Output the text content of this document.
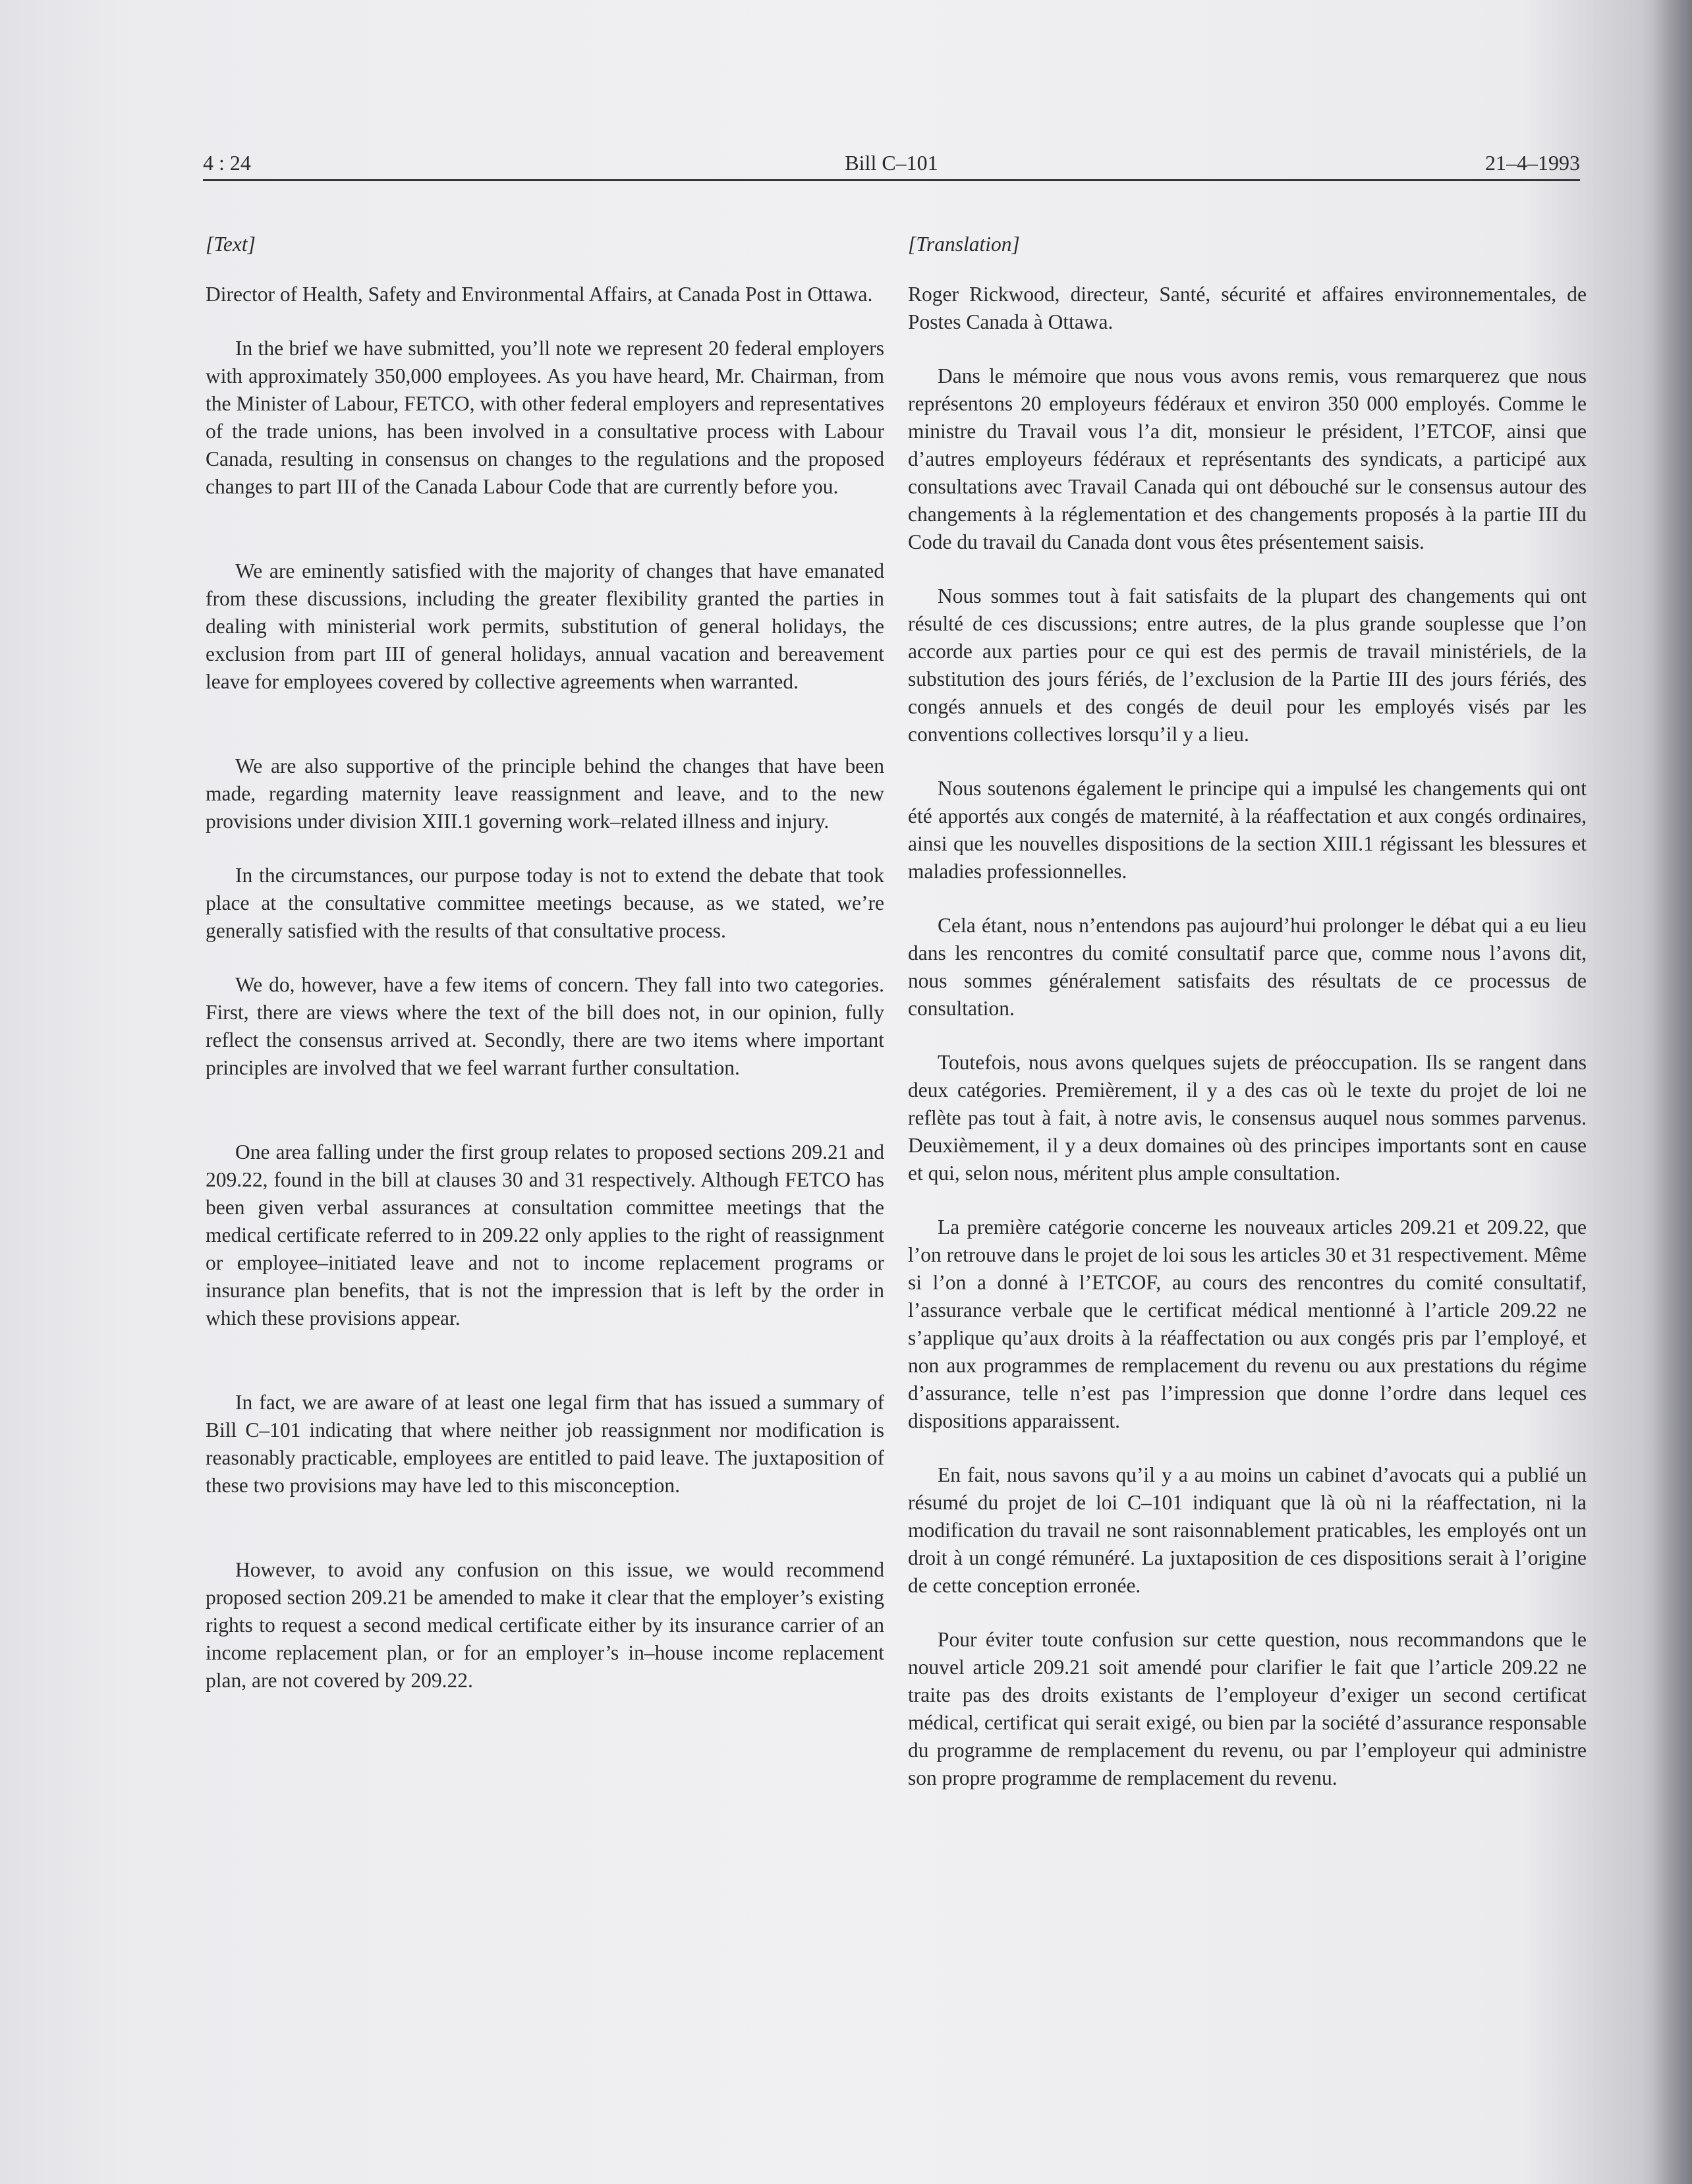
4 : 24	Bill C–101	21–4–1993
[Text]

Director of Health, Safety and Environmental Affairs, at Canada Post in Ottawa.

In the brief we have submitted, you’ll note we represent 20 federal employers with approximately 350,000 employees. As you have heard, Mr. Chairman, from the Minister of Labour, FETCO, with other federal employers and representatives of the trade unions, has been involved in a consultative process with Labour Canada, resulting in consensus on changes to the regulations and the proposed changes to part III of the Canada Labour Code that are currently before you.

We are eminently satisfied with the majority of changes that have emanated from these discussions, including the greater flexibility granted the parties in dealing with ministerial work permits, substitution of general holidays, the exclusion from part III of general holidays, annual vacation and bereavement leave for employees covered by collective agreements when warranted.

We are also supportive of the principle behind the changes that have been made, regarding maternity leave reassignment and leave, and to the new provisions under division XIII.1 governing work–related illness and injury.

In the circumstances, our purpose today is not to extend the debate that took place at the consultative committee meetings because, as we stated, we’re generally satisfied with the results of that consultative process.

We do, however, have a few items of concern. They fall into two categories. First, there are views where the text of the bill does not, in our opinion, fully reflect the consensus arrived at. Secondly, there are two items where important principles are involved that we feel warrant further consultation.

One area falling under the first group relates to proposed sections 209.21 and 209.22, found in the bill at clauses 30 and 31 respectively. Although FETCO has been given verbal assurances at consultation committee meetings that the medical certificate referred to in 209.22 only applies to the right of reassignment or employee–initiated leave and not to income replacement programs or insurance plan benefits, that is not the impression that is left by the order in which these provisions appear.

In fact, we are aware of at least one legal firm that has issued a summary of Bill C–101 indicating that where neither job reassignment nor modification is reasonably practicable, employees are entitled to paid leave. The juxtaposition of these two provisions may have led to this misconception.

However, to avoid any confusion on this issue, we would recommend proposed section 209.21 be amended to make it clear that the employer’s existing rights to request a second medical certificate either by its insurance carrier of an income replacement plan, or for an employer’s in–house income replacement plan, are not covered by 209.22.

[Translation]

Roger Rickwood, directeur, Santé, sécurité et affaires environnementales, de Postes Canada à Ottawa.

Dans le mémoire que nous vous avons remis, vous remarquerez que nous représentons 20 employeurs fédéraux et environ 350 000 employés. Comme le ministre du Travail vous l’a dit, monsieur le président, l’ETCOF, ainsi que d’autres employeurs fédéraux et représentants des syndicats, a participé aux consultations avec Travail Canada qui ont débouché sur le consensus autour des changements à la réglementation et des changements proposés à la partie III du Code du travail du Canada dont vous êtes présentement saisis.

Nous sommes tout à fait satisfaits de la plupart des changements qui ont résulté de ces discussions; entre autres, de la plus grande souplesse que l’on accorde aux parties pour ce qui est des permis de travail ministériels, de la substitution des jours fériés, de l’exclusion de la Partie III des jours fériés, des congés annuels et des congés de deuil pour les employés visés par les conventions collectives lorsqu’il y a lieu.

Nous soutenons également le principe qui a impulsé les changements qui ont été apportés aux congés de maternité, à la réaffectation et aux congés ordinaires, ainsi que les nouvelles dispositions de la section XIII.1 régissant les blessures et maladies professionnelles.

Cela étant, nous n’entendons pas aujourd’hui prolonger le débat qui a eu lieu dans les rencontres du comité consultatif parce que, comme nous l’avons dit, nous sommes généralement satisfaits des résultats de ce processus de consultation.

Toutefois, nous avons quelques sujets de préoccupation. Ils se rangent dans deux catégories. Premièrement, il y a des cas où le texte du projet de loi ne reflète pas tout à fait, à notre avis, le consensus auquel nous sommes parvenus. Deuxièmement, il y a deux domaines où des principes importants sont en cause et qui, selon nous, méritent plus ample consultation.

La première catégorie concerne les nouveaux articles 209.21 et 209.22, que l’on retrouve dans le projet de loi sous les articles 30 et 31 respectivement. Même si l’on a donné à l’ETCOF, au cours des rencontres du comité consultatif, l’assurance verbale que le certificat médical mentionné à l’article 209.22 ne s’applique qu’aux droits à la réaffectation ou aux congés pris par l’employé, et non aux programmes de remplacement du revenu ou aux prestations du régime d’assurance, telle n’est pas l’impression que donne l’ordre dans lequel ces dispositions apparaissent.

En fait, nous savons qu’il y a au moins un cabinet d’avocats qui a publié un résumé du projet de loi C–101 indiquant que là où ni la réaffectation, ni la modification du travail ne sont raisonnablement praticables, les employés ont un droit à un congé rémunéré. La juxtaposition de ces dispositions serait à l’origine de cette conception erronée.

Pour éviter toute confusion sur cette question, nous recommandons que le nouvel article 209.21 soit amendé pour clarifier le fait que l’article 209.22 ne traite pas des droits existants de l’employeur d’exiger un second certificat médical, certificat qui serait exigé, ou bien par la société d’assurance responsable du programme de remplacement du revenu, ou par l’employeur qui administre son propre programme de remplacement du revenu.
